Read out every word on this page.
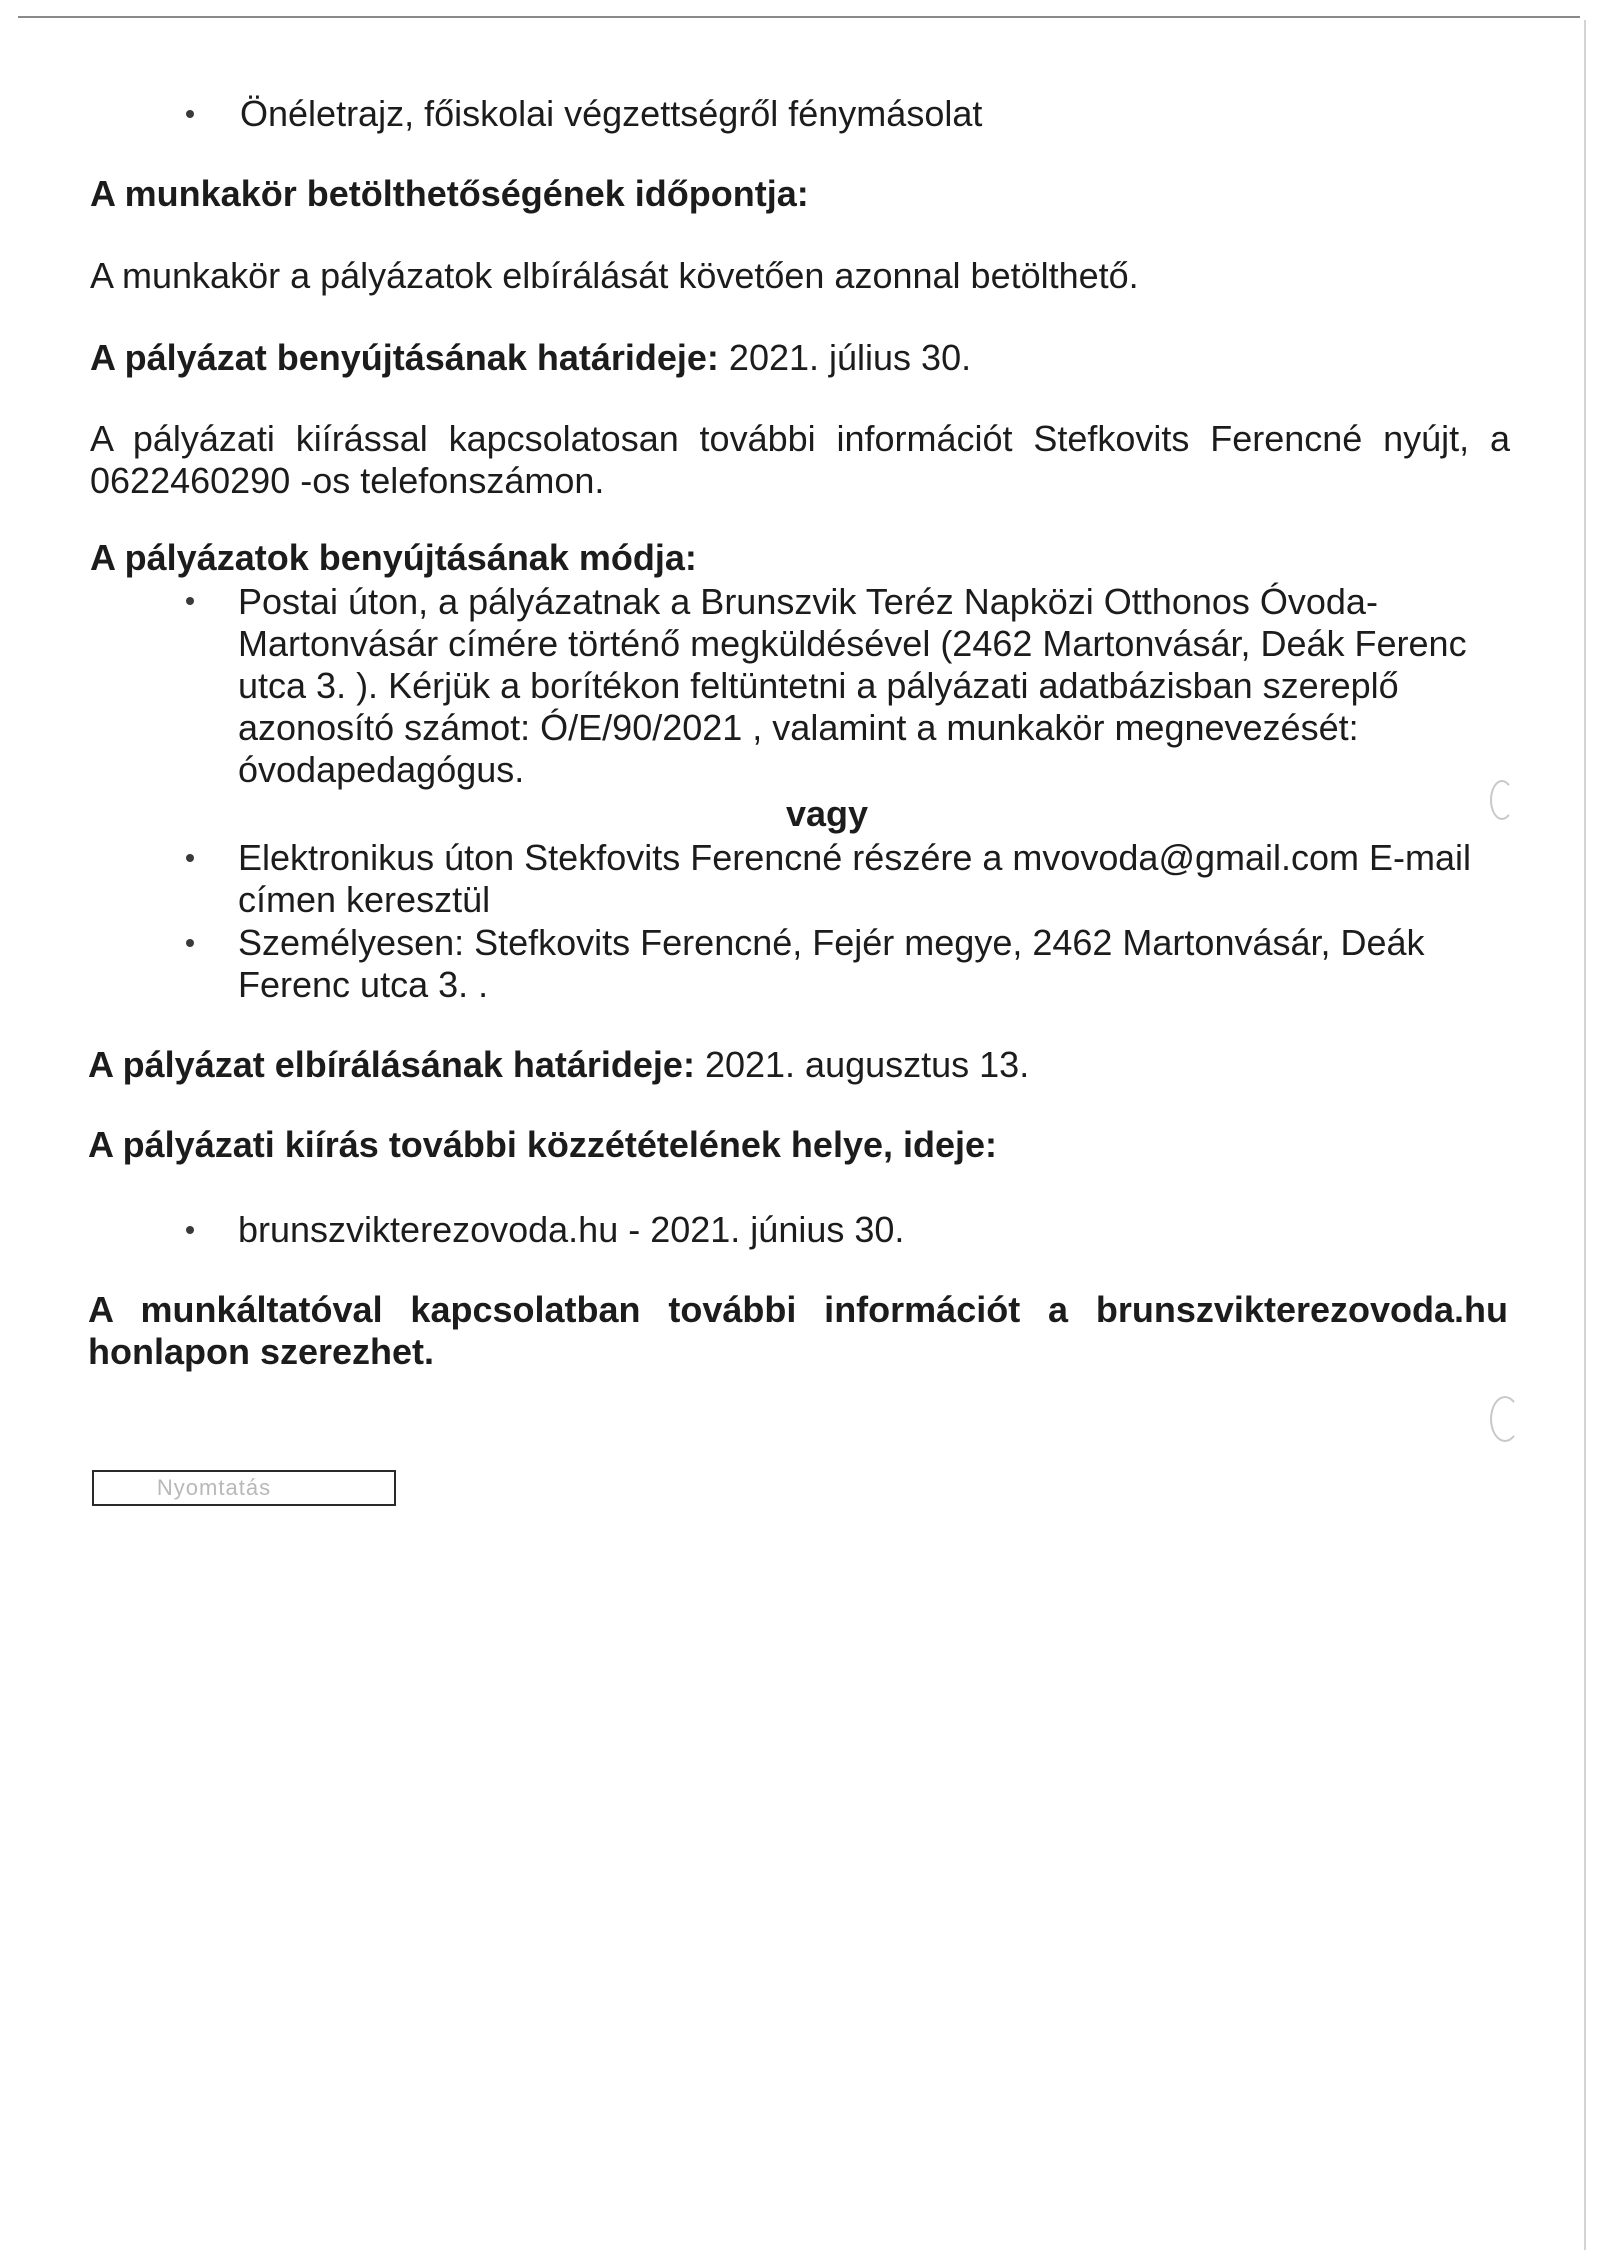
Önéletrajz, főiskolai végzettségről fénymásolat
A munkakör betölthetőségének időpontja:
A munkakör a pályázatok elbírálását követően azonnal betölthető.
A pályázat benyújtásának határideje: 2021. július 30.
A pályázati kiírással kapcsolatosan további információt Stefkovits Ferencné nyújt, a
0622460290 -os telefonszámon.
A pályázatok benyújtásának módja:
Postai úton, a pályázatnak a Brunszvik Teréz Napközi Otthonos Óvoda-
Martonvásár címére történő megküldésével (2462 Martonvásár, Deák Ferenc
utca 3. ). Kérjük a borítékon feltüntetni a pályázati adatbázisban szereplő
azonosító számot: Ó/E/90/2021 , valamint a munkakör megnevezését:
óvodapedagógus.
vagy
Elektronikus úton Stekfovits Ferencné részére a mvovoda@gmail.com E-mail
címen keresztül
Személyesen: Stefkovits Ferencné, Fejér megye, 2462 Martonvásár, Deák
Ferenc utca 3. .
A pályázat elbírálásának határideje: 2021. augusztus 13.
A pályázati kiírás további közzétételének helye, ideje:
brunszvikterezovoda.hu - 2021. június 30.
A munkáltatóval kapcsolatban további információt a brunszvikterezovoda.hu
honlapon szerezhet.
Nyomtatás
